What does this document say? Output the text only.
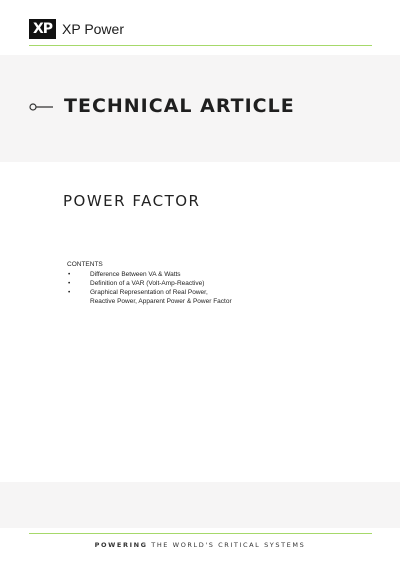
XP XP Power
TECHNICAL ARTICLE
POWER FACTOR
CONTENTS
•	Difference Between VA & Watts
•	Definition of a VAR (Volt-Amp-Reactive)
•	Graphical Representation of Real Power,
Reactive Power, Apparent Power & Power Factor
POWERING THE WORLD'S CRITICAL SYSTEMS
